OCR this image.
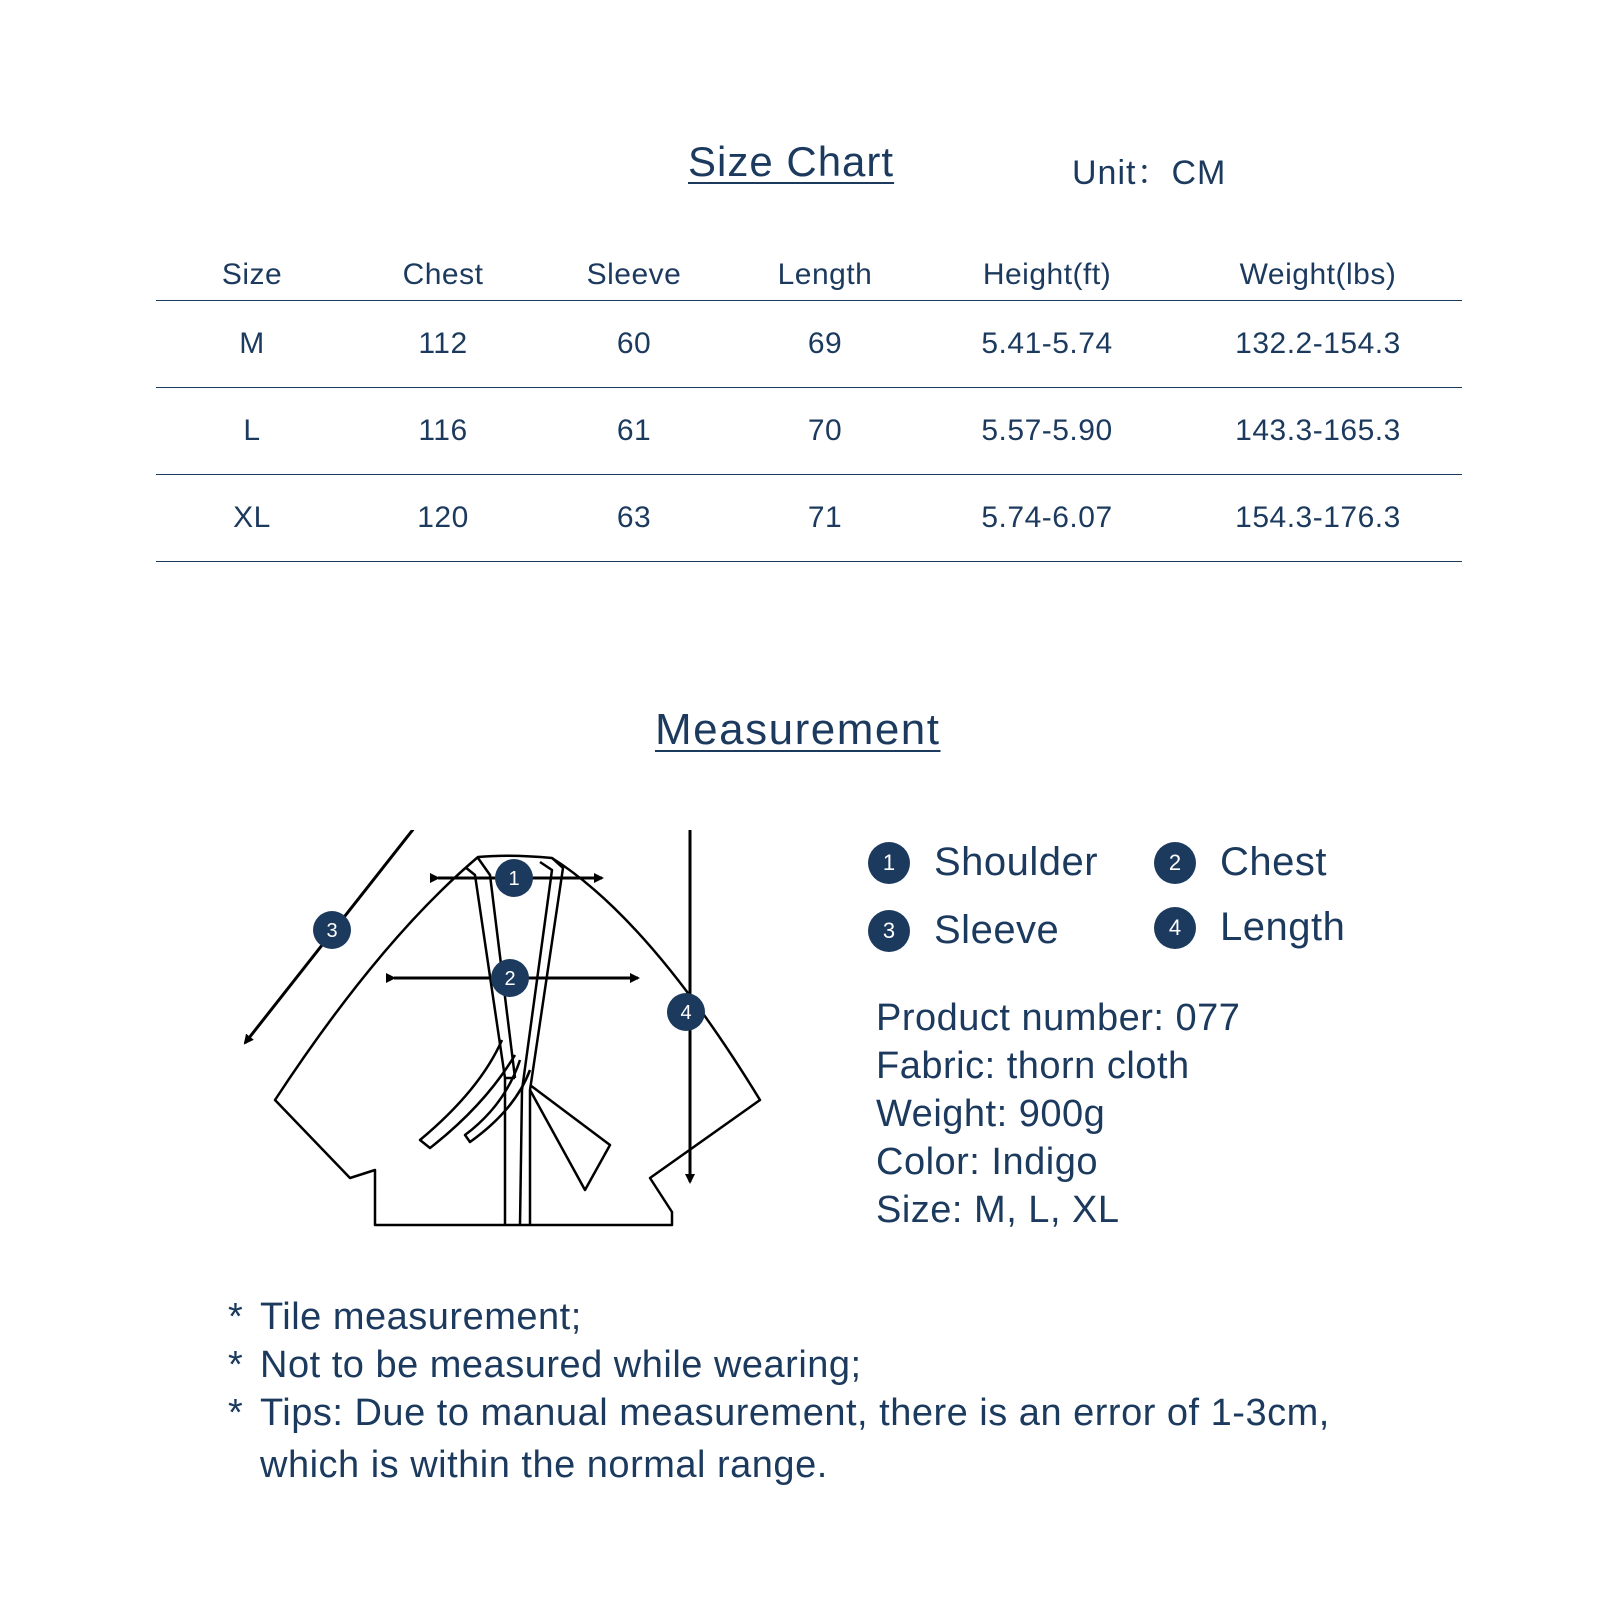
Size Chart	Unit：CM
Size	Chest	Sleeve	Length	Height(ft)	Weight(lbs)
M	112	60	69	5.41-5.74	132.2-154.3
L	116	61	70	5.57-5.90	143.3-165.3
XL	120	63	71	5.74-6.07	154.3-176.3
Measurement
1
2
3
4
1 Shoulder	2 Chest
3 Sleeve	4 Length
Product number: 077
Fabric: thorn cloth
Weight: 900g
Color: Indigo
Size: M, L, XL
* Tile measurement;
* Not to be measured while wearing;
* Tips: Due to manual measurement, there is an error of 1-3cm,
which is within the normal range.
